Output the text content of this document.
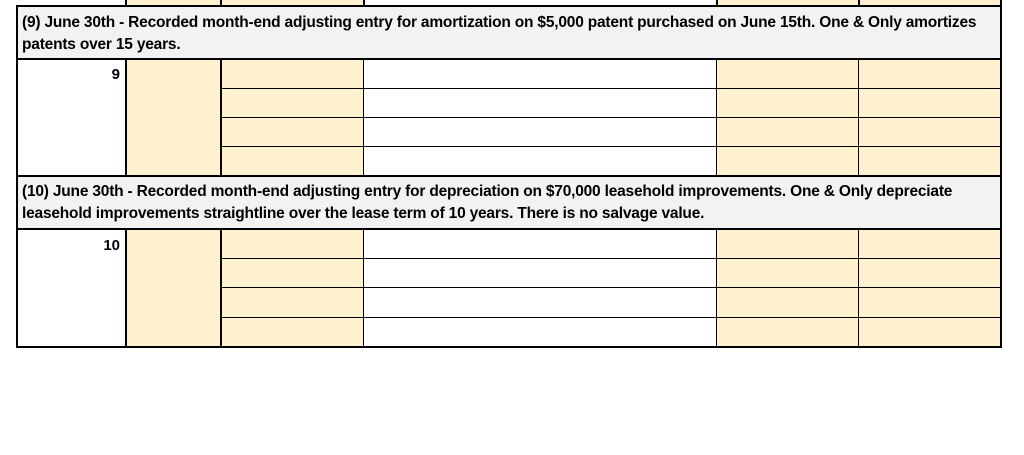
(9) June 30th - Recorded month-end adjusting entry for amortization on $5,000 patent purchased on June 15th. One & Only amortizes patents over 15 years.
9
(10) June 30th - Recorded month-end adjusting entry for depreciation on $70,000 leasehold improvements. One & Only depreciate leasehold improvements straightline over the lease term of 10 years. There is no salvage value.
10
